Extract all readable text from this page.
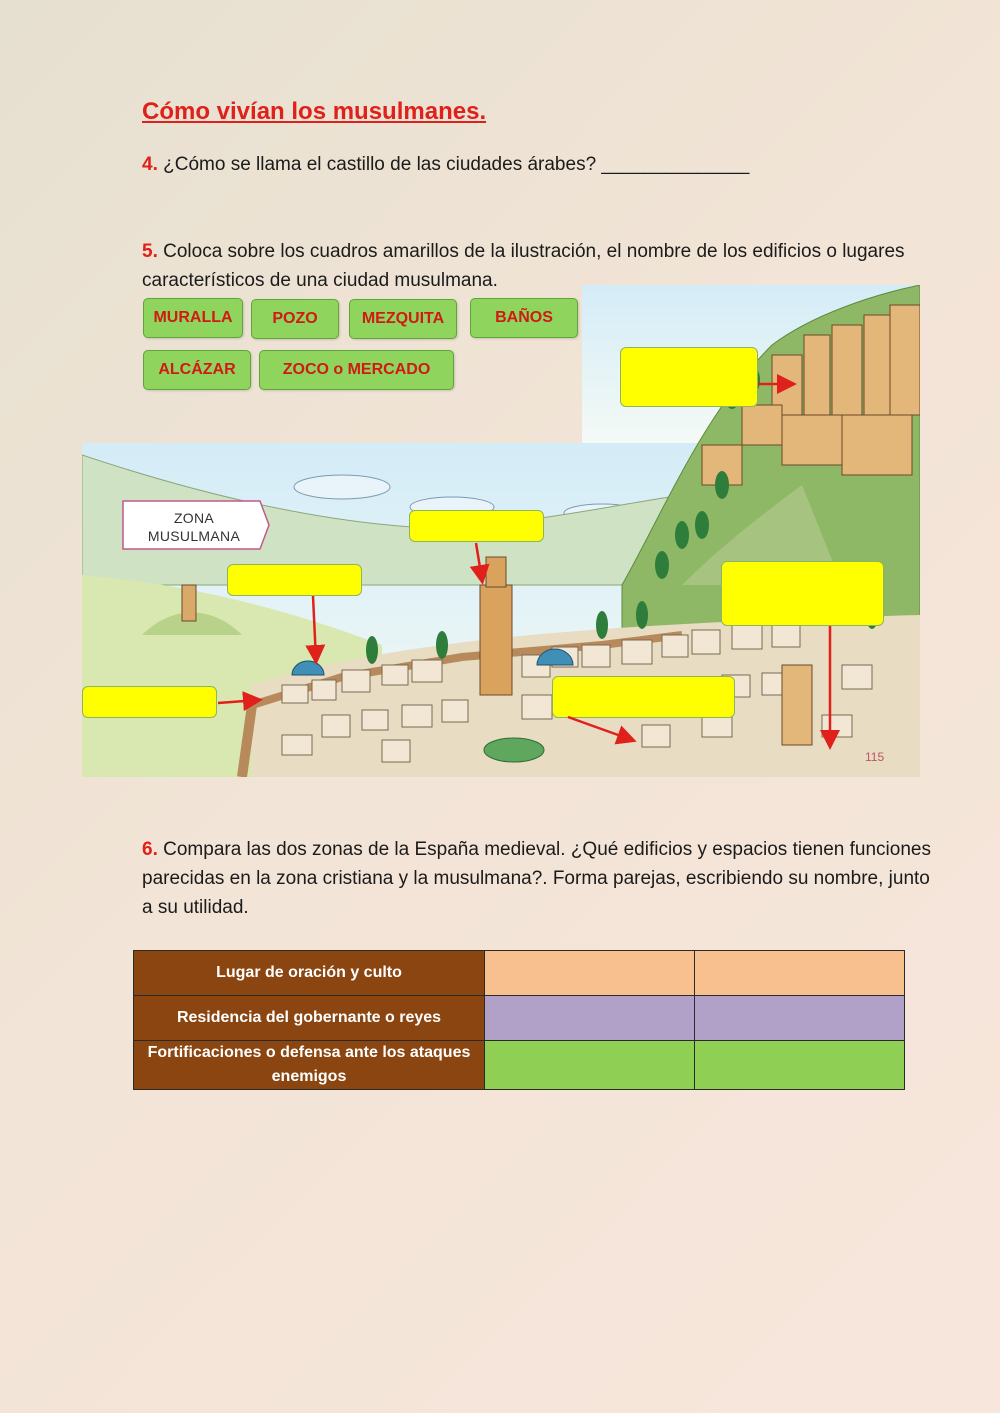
Cómo vivían los musulmanes.
4. ¿Cómo se llama el castillo de las ciudades árabes? ______________
5. Coloca sobre los cuadros amarillos de la ilustración, el nombre de los edificios o lugares característicos de una ciudad musulmana.
115
ZONA
MUSULMANA
MURALLA	POZO	MEZQUITA	BAÑOS
ALCÁZAR	ZOCO o MERCADO
6. Compara las dos zonas de la España medieval. ¿Qué edificios y espacios tienen funciones parecidas en la zona cristiana y la musulmana?. Forma parejas, escribiendo su nombre, junto a su utilidad.
Lugar de oración y culto		
Residencia del gobernante o reyes		
Fortificaciones o defensa ante los ataques enemigos		
